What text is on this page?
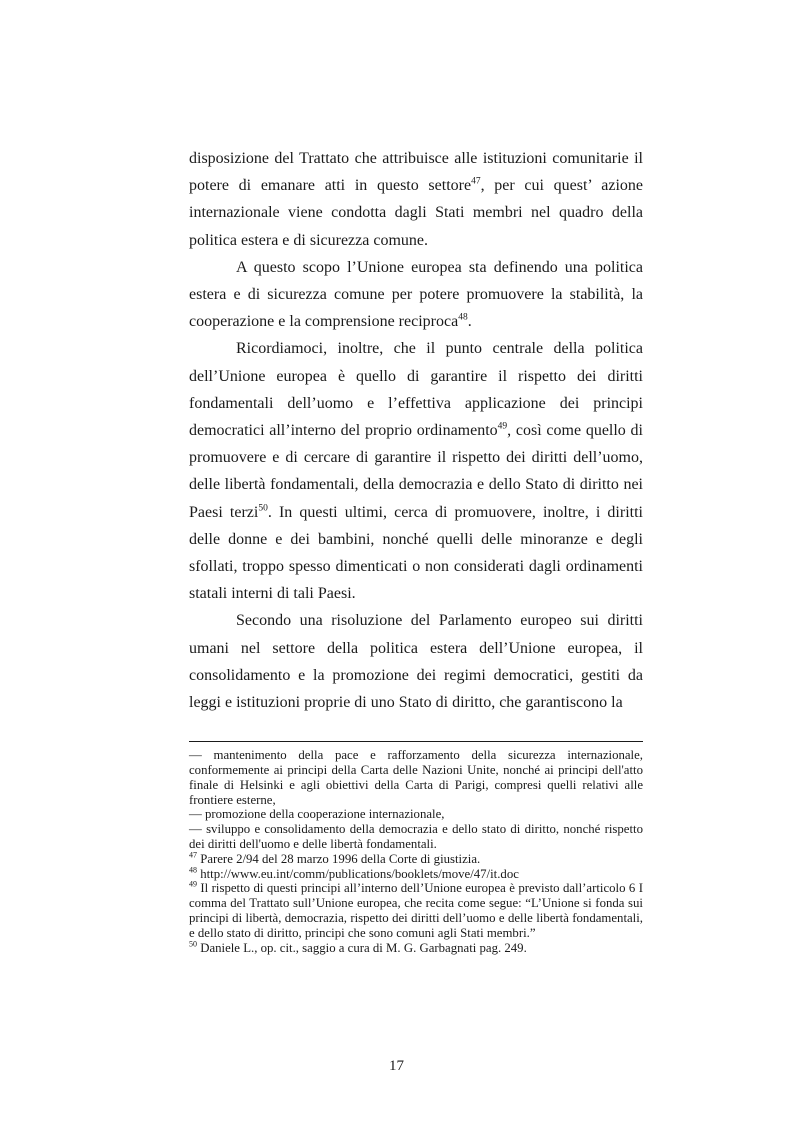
disposizione del Trattato che attribuisce alle istituzioni comunitarie il potere di emanare atti in questo settore$^{47}$, per cui quest’ azione internazionale viene condotta dagli Stati membri nel quadro della politica estera e di sicurezza comune.

A questo scopo l’Unione europea sta definendo una politica estera e di sicurezza comune per potere promuovere la stabilità, la cooperazione e la comprensione reciproca$^{48}$.

Ricordiamoci, inoltre, che il punto centrale della politica dell’Unione europea è quello di garantire il rispetto dei diritti fondamentali dell’uomo e l’effettiva applicazione dei principi democratici all’interno del proprio ordinamento$^{49}$, così come quello di promuovere e di cercare di garantire il rispetto dei diritti dell’uomo, delle libertà fondamentali, della democrazia e dello Stato di diritto nei Paesi terzi$^{50}$. In questi ultimi, cerca di promuovere, inoltre, i diritti delle donne e dei bambini, nonché quelli delle minoranze e degli sfollati, troppo spesso dimenticati o non considerati dagli ordinamenti statali interni di tali Paesi.

Secondo una risoluzione del Parlamento europeo sui diritti umani nel settore della politica estera dell’Unione europea, il consolidamento e la promozione dei regimi democratici, gestiti da leggi e istituzioni proprie di uno Stato di diritto, che garantiscono la

— mantenimento della pace e rafforzamento della sicurezza internazionale, conformemente ai principi della Carta delle Nazioni Unite, nonché ai principi dell'atto finale di Helsinki e agli obiettivi della Carta di Parigi, compresi quelli relativi alle frontiere esterne,

— promozione della cooperazione internazionale,

— sviluppo e consolidamento della democrazia e dello stato di diritto, nonché rispetto dei diritti dell'uomo e delle libertà fondamentali.

$^{47}$ Parere 2/94 del 28 marzo 1996 della Corte di giustizia.

$^{48}$ http://www.eu.int/comm/publications/booklets/move/47/it.doc

$^{49}$ Il rispetto di questi principi all’interno dell’Unione europea è previsto dall’articolo 6 I comma del Trattato sull’Unione europea, che recita come segue: “L’Unione si fonda sui principi di libertà, democrazia, rispetto dei diritti dell’uomo e delle libertà fondamentali, e dello stato di diritto, principi che sono comuni agli Stati membri.”

$^{50}$ Daniele L., op. cit., saggio a cura di M. G. Garbagnati pag. 249.

17
